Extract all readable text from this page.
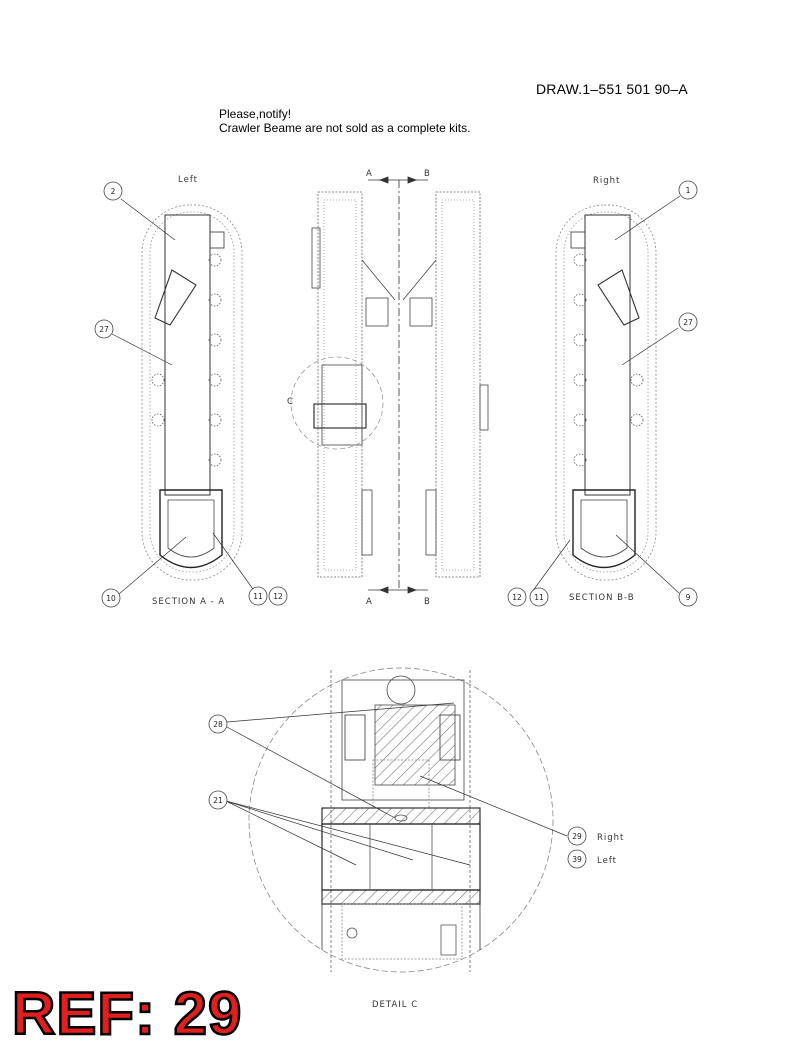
DRAW.1–551 501 90–A
Please,notify!
Crawler Beame are not sold as a complete kits.
Left
SECTION A - A
Right
SECTION B-B
A	B
A	B
C
DETAIL C
2	1
27
27
10	11 12	12 11	9
28
21
29
39
Right
Left
REF: 29
